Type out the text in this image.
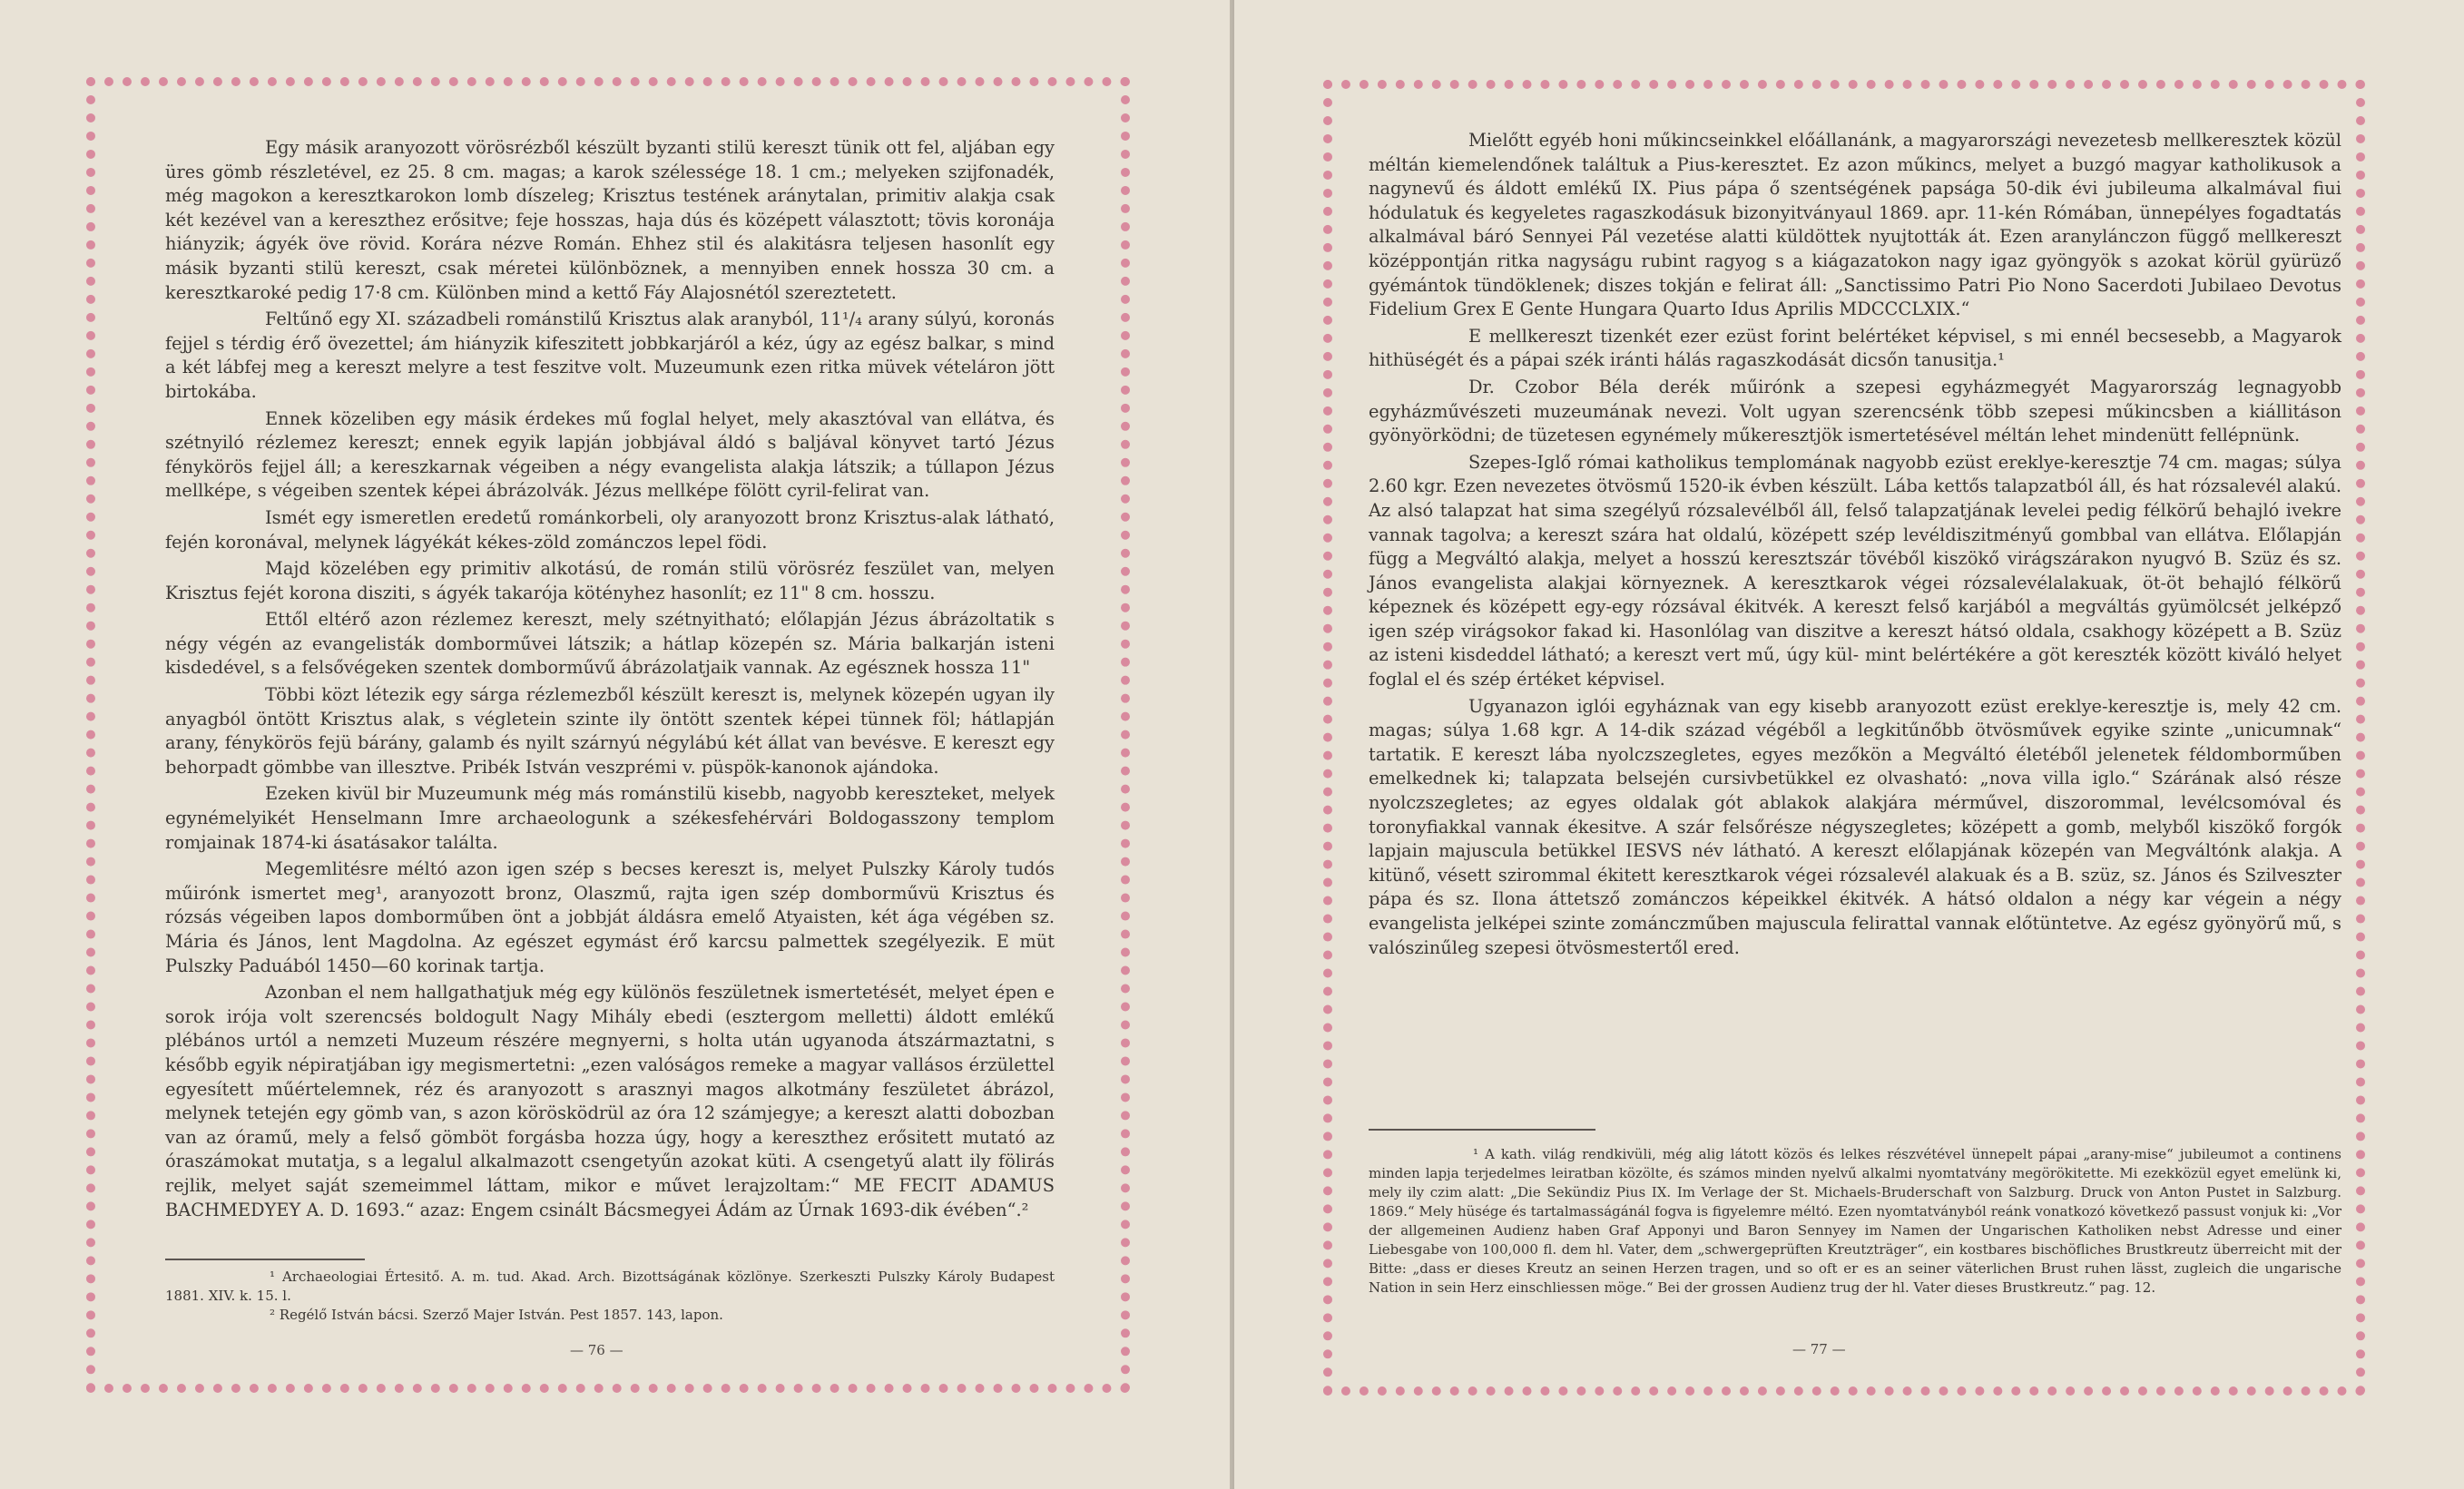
Egy másik aranyozott vörösrézből készült byzanti stilü kereszt tünik ott fel, aljában egy üres gömb részletével, ez 25. 8 cm. magas; a karok szélessége 18. 1 cm.; melyeken szijfonadék, még magokon a keresztkarokon lomb díszeleg; Krisztus testének aránytalan, primitiv alakja csak két kezével van a kereszthez erősitve; feje hosszas, haja dús és középett választott; tövis koronája hiányzik; ágyék öve rövid. Korára nézve Román. Ehhez stil és alakitásra teljesen hasonlít egy másik byzanti stilü kereszt, csak méretei különböznek, a mennyiben ennek hossza 30 cm. a keresztkaroké pedig 17·8 cm. Különben mind a kettő Fáy Alajosnétól szereztetett.

Feltűnő egy XI. századbeli románstilű Krisztus alak aranyból, 11¹/₄ arany súlyú, koronás fejjel s térdig érő övezettel; ám hiányzik kifeszitett jobbkarjáról a kéz, úgy az egész balkar, s mind a két lábfej meg a kereszt melyre a test feszitve volt. Muzeumunk ezen ritka müvek vételáron jött birtokába.

Ennek közeliben egy másik érdekes mű foglal helyet, mely akasztóval van ellátva, és szétnyiló rézlemez kereszt; ennek egyik lapján jobbjával áldó s baljával könyvet tartó Jézus fénykörös fejjel áll; a kereszkarnak végeiben a négy evangelista alakja látszik; a túllapon Jézus mellképe, s végeiben szentek képei ábrázolvák. Jézus mellképe fölött cyril-felirat van.

Ismét egy ismeretlen eredetű románkorbeli, oly aranyozott bronz Krisztus-alak látható, fején koronával, melynek lágyékát kékes-zöld zománczos lepel födi.

Majd közelében egy primitiv alkotású, de román stilü vörösréz feszület van, melyen Krisztus fejét korona disziti, s ágyék takarója kötényhez hasonlít; ez 11" 8 cm. hosszu.

Ettől eltérő azon rézlemez kereszt, mely szétnyitható; előlapján Jézus ábrázoltatik s négy végén az evangelisták domborművei látszik; a hátlap közepén sz. Mária balkarján isteni kisdedével, s a felsővégeken szentek domborművű ábrázolatjaik vannak. Az egésznek hossza 11"

Többi közt létezik egy sárga rézlemezből készült kereszt is, melynek közepén ugyan ily anyagból öntött Krisztus alak, s végletein szinte ily öntött szentek képei tünnek föl; hátlapján arany, fénykörös fejü bárány, galamb és nyilt szárnyú négylábú két állat van bevésve. E kereszt egy behorpadt gömbbe van illesztve. Pribék István veszprémi v. püspök-kanonok ajándoka.

Ezeken kivül bir Muzeumunk még más románstilü kisebb, nagyobb kereszteket, melyek egynémelyikét Henselmann Imre archaeologunk a székesfehérvári Boldogasszony templom romjainak 1874-ki ásatásakor találta.

Megemlitésre méltó azon igen szép s becses kereszt is, melyet Pulszky Károly tudós műirónk ismertet meg¹, aranyozott bronz, Olaszmű, rajta igen szép domborművü Krisztus és rózsás végeiben lapos domborműben önt a jobbját áldásra emelő Atyaisten, két ága végében sz. Mária és János, lent Magdolna. Az egészet egymást érő karcsu palmettek szegélyezik. E müt Pulszky Paduából 1450—60 korinak tartja.

Azonban el nem hallgathatjuk még egy különös feszületnek ismertetését, melyet épen e sorok irója volt szerencsés boldogult Nagy Mihály ebedi (esztergom melletti) áldott emlékű plébános urtól a nemzeti Muzeum részére megnyerni, s holta után ugyanoda átszármaztatni, s később egyik népiratjában igy megismertetni: „ezen valóságos remeke a magyar vallásos érzülettel egyesített műértelemnek, réz és aranyozott s arasznyi magos alkotmány feszületet ábrázol, melynek tetején egy gömb van, s azon körösködrül az óra 12 számjegye; a kereszt alatti dobozban van az óramű, mely a felső gömböt forgásba hozza úgy, hogy a kereszthez erősitett mutató az óraszámokat mutatja, s a legalul alkalmazott csengetyűn azokat küti. A csengetyű alatt ily fölirás rejlik, melyet saját szemeimmel láttam, mikor e művet lerajzoltam:“ ME FECIT ADAMUS BACHMEDYEY A. D. 1693.“ azaz: Engem csinált Bácsmegyei Ádám az Úrnak 1693-dik évében“.²

¹ Archaeologiai Értesitő. A. m. tud. Akad. Arch. Bizottságának közlönye. Szerkeszti Pulszky Károly Budapest 1881. XIV. k. 15. l.

² Regélő István bácsi. Szerző Majer István. Pest 1857. 143, lapon.

— 76 —

Mielőtt egyéb honi műkincseinkkel előállanánk, a magyarországi nevezetesb mellkeresztek közül méltán kiemelendőnek találtuk a Pius-keresztet. Ez azon műkincs, melyet a buzgó magyar katholikusok a nagynevű és áldott emlékű IX. Pius pápa ő szentségének papsága 50-dik évi jubileuma alkalmával fiui hódulatuk és kegyeletes ragaszkodásuk bizonyitványaul 1869. apr. 11-kén Rómában, ünnepélyes fogadtatás alkalmával báró Sennyei Pál vezetése alatti küldöttek nyujtották át. Ezen aranylánczon függő mellkereszt középpontján ritka nagyságu rubint ragyog s a kiágazatokon nagy igaz gyöngyök s azokat körül gyürüző gyémántok tündöklenek; diszes tokján e felirat áll: „Sanctissimo Patri Pio Nono Sacerdoti Jubilaeo Devotus Fidelium Grex E Gente Hungara Quarto Idus Aprilis MDCCCLXIX.“

E mellkereszt tizenkét ezer ezüst forint belértéket képvisel, s mi ennél becsesebb, a Magyarok hithüségét és a pápai szék iránti hálás ragaszkodását dicsőn tanusitja.¹

Dr. Czobor Béla derék műirónk a szepesi egyházmegyét Magyarország legnagyobb egyházművészeti muzeumának nevezi. Volt ugyan szerencsénk több szepesi műkincsben a kiállitáson gyönyörködni; de tüzetesen egynémely műkeresztjök ismertetésével méltán lehet mindenütt fellépnünk.

Szepes-Iglő római katholikus templomának nagyobb ezüst ereklye-keresztje 74 cm. magas; súlya 2.60 kgr. Ezen nevezetes ötvösmű 1520-ik évben készült. Lába kettős talapzatból áll, és hat rózsalevél alakú. Az alsó talapzat hat sima szegélyű rózsalevélből áll, felső talapzatjának levelei pedig félkörű behajló ivekre vannak tagolva; a kereszt szára hat oldalú, középett szép levéldiszitményű gombbal van ellátva. Előlapján függ a Megváltó alakja, melyet a hosszú keresztszár tövéből kiszökő virágszárakon nyugvó B. Szüz és sz. János evangelista alakjai környeznek. A keresztkarok végei rózsalevélalakuak, öt-öt behajló félkörű képeznek és középett egy-egy rózsával ékitvék. A kereszt felső karjából a megváltás gyümölcsét jelképző igen szép virágsokor fakad ki. Hasonlólag van diszitve a kereszt hátsó oldala, csakhogy középett a B. Szüz az isteni kisdeddel látható; a kereszt vert mű, úgy kül- mint belértékére a göt kereszték között kiváló helyet foglal el és szép értéket képvisel.

Ugyanazon iglói egyháznak van egy kisebb aranyozott ezüst ereklye-keresztje is, mely 42 cm. magas; súlya 1.68 kgr. A 14-dik század végéből a legkitűnőbb ötvösművek egyike szinte „unicumnak“ tartatik. E kereszt lába nyolczszegletes, egyes mezőkön a Megváltó életéből jelenetek féldomborműben emelkednek ki; talapzata belsején cursivbetükkel ez olvasható: „nova villa iglo.“ Szárának alsó része nyolczszegletes; az egyes oldalak gót ablakok alakjára mérművel, diszorommal, levélcsomóval és toronyfiakkal vannak ékesitve. A szár felsőrésze négyszegletes; középett a gomb, melyből kiszökő forgók lapjain majuscula betükkel IESVS név látható. A kereszt előlapjának közepén van Megváltónk alakja. A kitünő, vésett szirommal ékitett keresztkarok végei rózsalevél alakuak és a B. szüz, sz. János és Szilveszter pápa és sz. Ilona áttetsző zománczos képeikkel ékitvék. A hátsó oldalon a négy kar végein a négy evangelista jelképei szinte zománczműben majuscula felirattal vannak előtüntetve. Az egész gyönyörű mű, s valószinűleg szepesi ötvösmestertől ered.

¹ A kath. világ rendkivüli, még alig látott közös és lelkes részvétével ünnepelt pápai „arany-mise“ jubileumot a continens minden lapja terjedelmes leiratban közölte, és számos minden nyelvű alkalmi nyomtatvány megörökitette. Mi ezekközül egyet emelünk ki, mely ily czim alatt: „Die Sekündiz Pius IX. Im Verlage der St. Michaels-Bruderschaft von Salzburg. Druck von Anton Pustet in Salzburg. 1869.“ Mely hüsége és tartalmasságánál fogva is figyelemre méltó. Ezen nyomtatványból reánk vonatkozó következő passust vonjuk ki: „Vor der allgemeinen Audienz haben Graf Apponyi und Baron Sennyey im Namen der Ungarischen Katholiken nebst Adresse und einer Liebesgabe von 100,000 fl. dem hl. Vater, dem „schwergeprüften Kreutzträger“, ein kostbares bischöfliches Brustkreutz überreicht mit der Bitte: „dass er dieses Kreutz an seinen Herzen tragen, und so oft er es an seiner väterlichen Brust ruhen lässt, zugleich die ungarische Nation in sein Herz einschliessen möge.“ Bei der grossen Audienz trug der hl. Vater dieses Brustkreutz.“ pag. 12.

— 77 —
